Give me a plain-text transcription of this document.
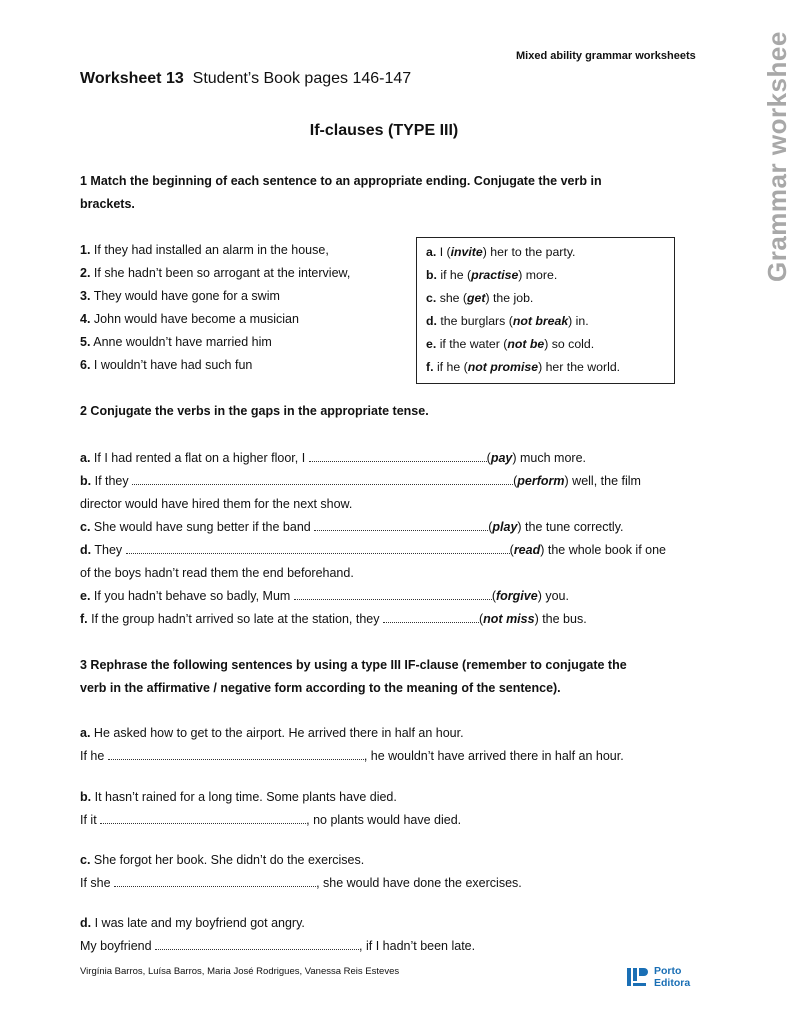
Grammar workshee
Mixed ability grammar worksheets
Worksheet 13 Student’s Book pages 146-147
If-clauses (TYPE III)
1 Match the beginning of each sentence to an appropriate ending. Conjugate the verb in
brackets.
1. If they had installed an alarm in the house,
2. If she hadn’t been so arrogant at the interview,
3. They would have gone for a swim
4. John would have become a musician
5. Anne wouldn’t have married him
6. I wouldn’t have had such fun
a. I (invite) her to the party.
b. if he (practise) more.
c. she (get) the job.
d. the burglars (not break) in.
e. if the water (not be) so cold.
f. if he (not promise) her the world.
2 Conjugate the verbs in the gaps in the appropriate tense.
a. If I had rented a flat on a higher floor, I	(pay) much more.
b. If they	(perform) well, the film
director would have hired them for the next show.
c. She would have sung better if the band	(play) the tune correctly.
d. They	(read) the whole book if one
of the boys hadn’t read them the end beforehand.
e. If you hadn’t behave so badly, Mum	(forgive) you.
f. If the group hadn’t arrived so late at the station, they	(not miss) the bus.
3 Rephrase the following sentences by using a type III IF-clause (remember to conjugate the
verb in the affirmative / negative form according to the meaning of the sentence).
a. He asked how to get to the airport. He arrived there in half an hour.
If he	, he wouldn’t have arrived there in half an hour.
b. It hasn’t rained for a long time. Some plants have died.
If it	, no plants would have died.
c. She forgot her book. She didn’t do the exercises.
If she	, she would have done the exercises.
d. I was late and my boyfriend got angry.
My boyfriend	, if I hadn’t been late.
Virgínia Barros, Luísa Barros, Maria José Rodrigues, Vanessa Reis Esteves	Porto
Editora
